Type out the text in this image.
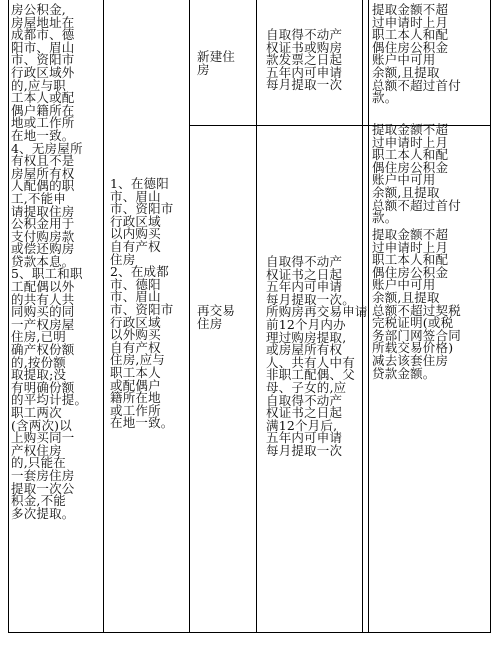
房公积金,
房屋地址在
成都市、德
阳市、眉山
市、资阳市
行政区域外
的,应与职
工本人或配
偶户籍所在
地或工作所
在地一致。
4、无房屋所
有权且不是
房屋所有权
人配偶的职
工,不能申
请提取住房
公积金用于
支付购房款
或偿还购房
贷款本息。
5、职工和职
工配偶以外
的共有人共
同购买的同
一产权房屋
住房,已明
确产权份额
的,按份额
取提取;没
有明确份额
的平均计提。
职工两次
(含两次)以
上购买同一
产权住房
的,只能在
一套房住房
提取一次公
积金,不能
多次提取。
1、在德阳
市、眉山
市、资阳市
行政区域
以内购买
自有产权
住房
2、在成都
市、德阳
市、眉山
市、资阳市
行政区域
以外购买
自有产权
住房,应与
职工本人
或配偶户
籍所在地
或工作所
在地一致。
新建住
房
再交易
住房
自取得不动产
权证书或购房
款发票之日起
五年内可申请
每月提取一次
自取得不动产
权证书之日起
五年内可申请
每月提取一次。
所购房再交易申请
前12个月内办
理过购房提取,
或房屋所有权
人、共有人中有
非职工配偶、父
母、子女的,应
自取得不动产
权证书之日起
满12个月后,
五年内可申请
每月提取一次
提取金额不超
过申请时上月
职工本人和配
偶住房公积金
账户中可用
余额,且提取
总额不超过首付
款。
提取金额不超
过申请时上月
职工本人和配
偶住房公积金
账户中可用
余额,且提取
总额不超过首付
款。
提取金额不超
过申请时上月
职工本人和配
偶住房公积金
账户中可用
余额,且提取
总额不超过契税
完税证明(或税
务部门网签合同
所载交易价格)
减去该套住房
贷款金额。
